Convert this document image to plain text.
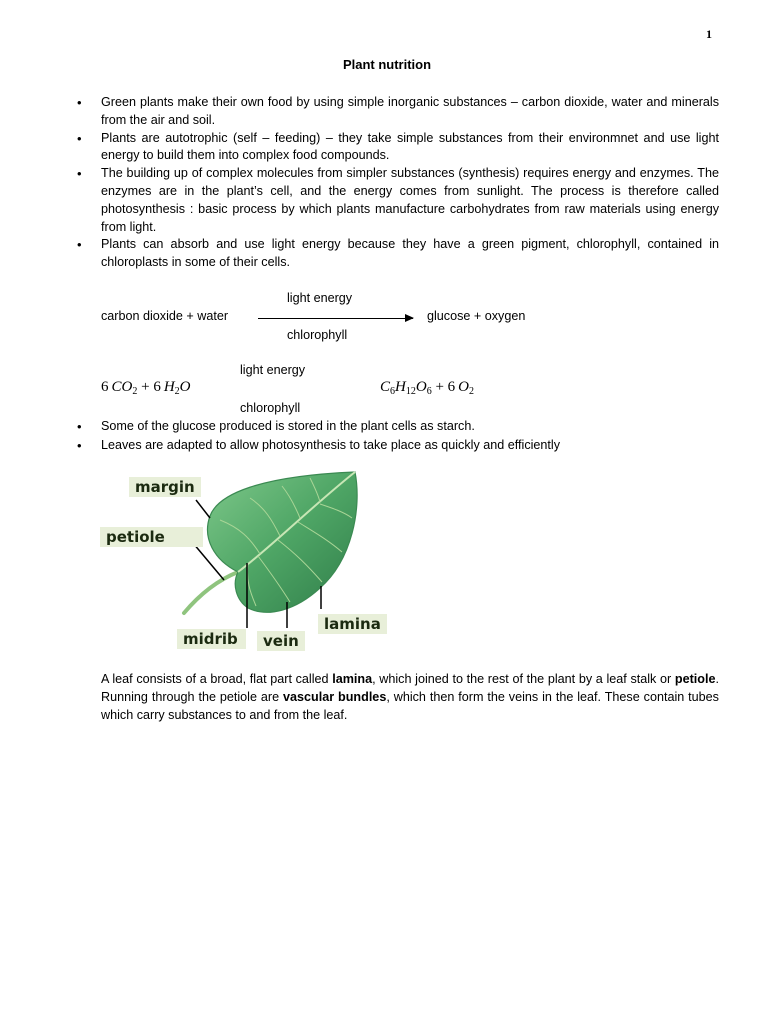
1
Plant nutrition
• Green plants make their own food by using simple inorganic substances – carbon dioxide, water and minerals from the air and soil.
• Plants are autotrophic (self – feeding) – they take simple substances from their environmnet and use light energy to build them into complex food compounds.
• The building up of complex molecules from simpler substances (synthesis) requires energy and enzymes. The enzymes are in the plant’s cell, and the energy comes from sunlight. The process is therefore called photosynthesis : basic process by which plants manufacture carbohydrates from raw materials using energy from light.
• Plants can absorb and use light energy because they have a green pigment, chlorophyll, contained in chloroplasts in some of their cells.
light energy
carbon dioxide + water	glucose + oxygen
chlorophyll
light energy
6 $CO_2 + 6$ $H_2O$	$C_6H_{12}O_6 + 6$ $O_2$
chlorophyll
• Some of the glucose produced is stored in the plant cells as starch.
• Leaves are adapted to allow photosynthesis to take place as quickly and efficiently
margin
petiole
midrib	vein
lamina
A leaf consists of a broad, flat part called lamina, which joined to the rest of the plant by a leaf stalk or petiole. Running through the petiole are vascular bundles, which then form the veins in the leaf. These contain tubes which carry substances to and from the leaf.
